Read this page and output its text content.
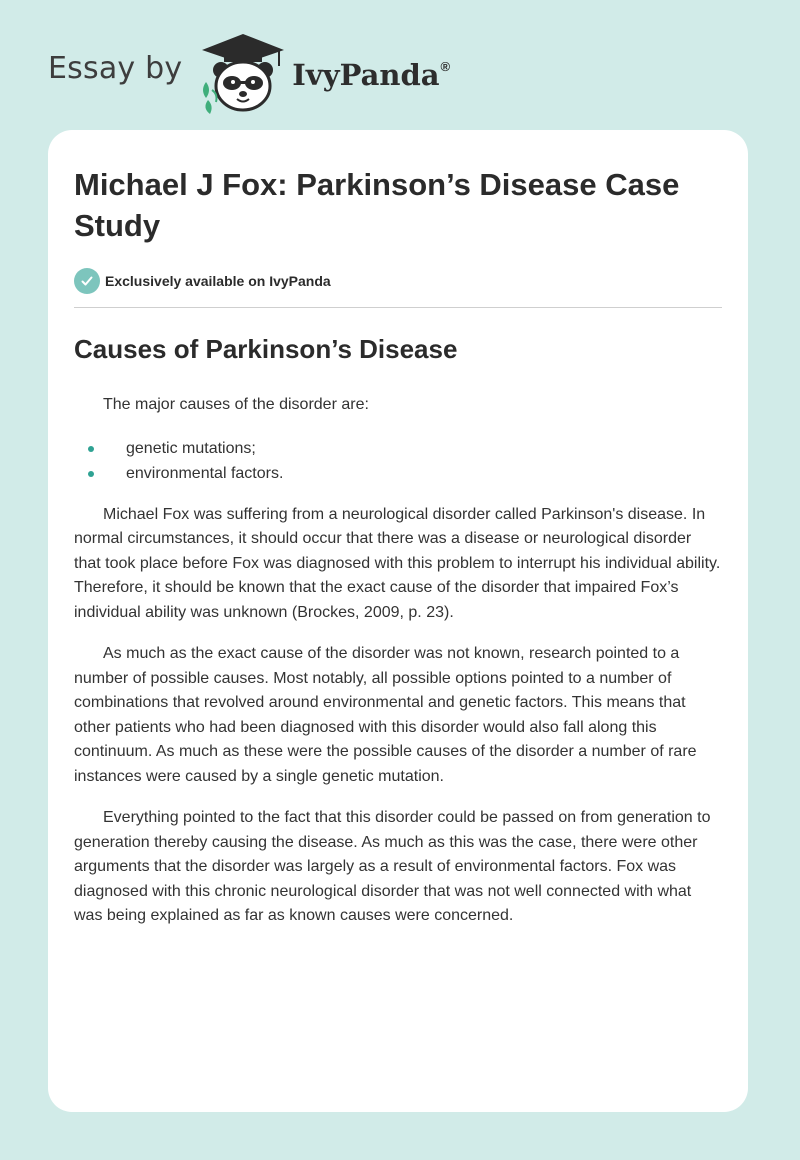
Essay by	IvyPanda®
Michael J Fox: Parkinson’s Disease Case Study
Exclusively available on IvyPanda
Causes of Parkinson’s Disease

The major causes of the disorder are:

genetic mutations;
environmental factors.

Michael Fox was suffering from a neurological disorder called Parkinson's disease. In normal circumstances, it should occur that there was a disease or neurological disorder that took place before Fox was diagnosed with this problem to interrupt his individual ability. Therefore, it should be known that the exact cause of the disorder that impaired Fox’s individual ability was unknown (Brockes, 2009, p. 23).

As much as the exact cause of the disorder was not known, research pointed to a number of possible causes. Most notably, all possible options pointed to a number of combinations that revolved around environmental and genetic factors. This means that other patients who had been diagnosed with this disorder would also fall along this continuum. As much as these were the possible causes of the disorder a number of rare instances were caused by a single genetic mutation.

Everything pointed to the fact that this disorder could be passed on from generation to generation thereby causing the disease. As much as this was the case, there were other arguments that the disorder was largely as a result of environmental factors. Fox was diagnosed with this chronic neurological disorder that was not well connected with what was being explained as far as known causes were concerned.
